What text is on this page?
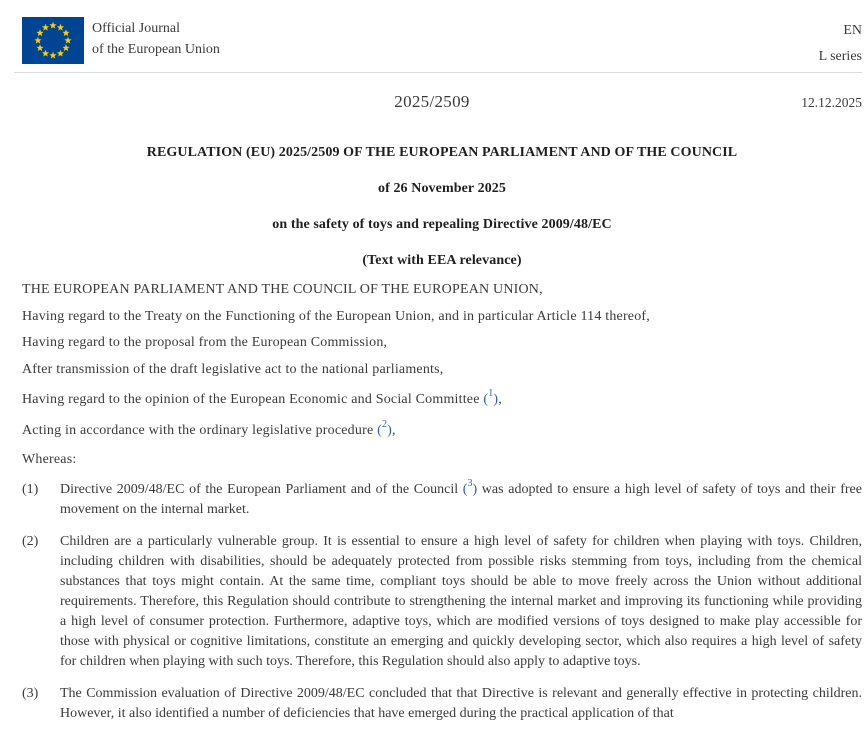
Official Journal
of the European Union
EN
L series
2025/2509	12.12.2025

REGULATION (EU) 2025/2509 OF THE EUROPEAN PARLIAMENT AND OF THE COUNCIL

of 26 November 2025

on the safety of toys and repealing Directive 2009/48/EC

(Text with EEA relevance)

THE EUROPEAN PARLIAMENT AND THE COUNCIL OF THE EUROPEAN UNION,

Having regard to the Treaty on the Functioning of the European Union, and in particular Article 114 thereof,

Having regard to the proposal from the European Commission,

After transmission of the draft legislative act to the national parliaments,

Having regard to the opinion of the European Economic and Social Committee ($^1$),

Acting in accordance with the ordinary legislative procedure ($^2$),

Whereas:

(1)	Directive 2009/48/EC of the European Parliament and of the Council ($^3$) was adopted to ensure a high level of safety of toys and their free movement on the internal market.
(2)	Children are a particularly vulnerable group. It is essential to ensure a high level of safety for children when playing with toys. Children, including children with disabilities, should be adequately protected from possible risks stemming from toys, including from the chemical substances that toys might contain. At the same time, compliant toys should be able to move freely across the Union without additional requirements. Therefore, this Regulation should contribute to strengthening the internal market and improving its functioning while providing a high level of consumer protection. Furthermore, adaptive toys, which are modified versions of toys designed to make play accessible for those with physical or cognitive limitations, constitute an emerging and quickly developing sector, which also requires a high level of safety for children when playing with such toys. Therefore, this Regulation should also apply to adaptive toys.
(3)	The Commission evaluation of Directive 2009/48/EC concluded that that Directive is relevant and generally effective in protecting children. However, it also identified a number of deficiencies that have emerged during the practical application of that
